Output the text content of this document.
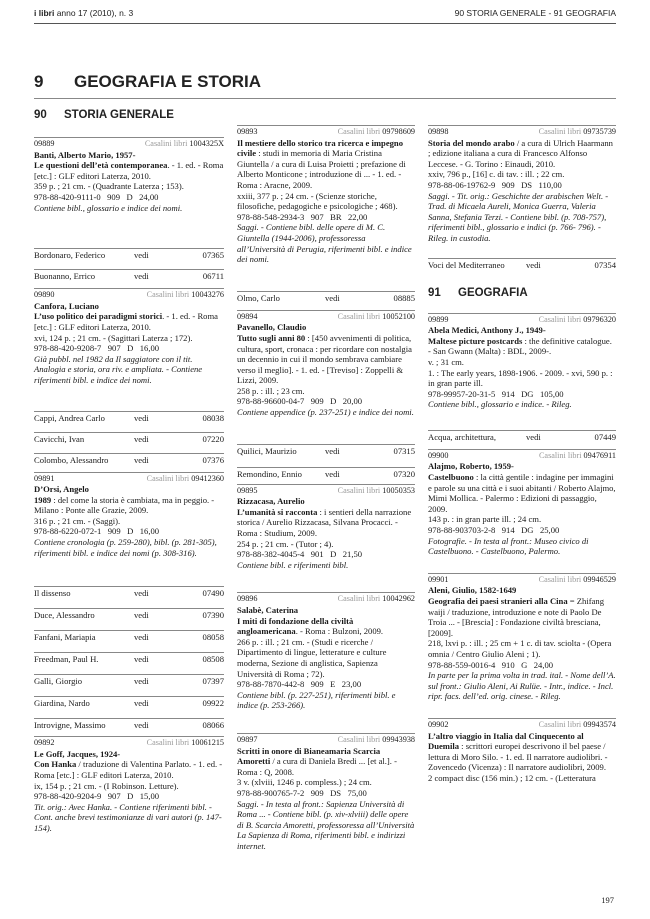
i libri anno 17 (2010), n. 3	90 STORIA GENERALE - 91 GEOGRAFIA
9 GEOGRAFIA E STORIA
90 STORIA GENERALE
09889	Casalini libri 1004325X
Banti, Alberto Mario, 1957-
Le questioni dell’età contemporanea. - 1. ed. - Roma [etc.] : GLF editori Laterza, 2010.
359 p. ; 21 cm. - (Quadrante Laterza ; 153).
978-88-420-9111-0   909   D   24,00
Contiene bibl., glossario e indice dei nomi.
Bordonaro, Federico	vedi	07365
Buonanno, Errico	vedi	06711
09890	Casalini libri 10043276
Canfora, Luciano
L’uso politico dei paradigmi storici. - 1. ed. - Roma [etc.] : GLF editori Laterza, 2010.
xvi, 124 p. ; 21 cm. - (Sagittari Laterza ; 172).
978-88-420-9208-7   907   D   16,00
Già pubbl. nel 1982 da Il saggiatore con il tit. Analogia e storia, ora riv. e ampliata. - Contiene riferimenti bibl. e indice dei nomi.
Cappi, Andrea Carlo	vedi	08038
Cavicchi, Ivan	vedi	07220
Colombo, Alessandro	vedi	07376
09891	Casalini libri 09412360
D’Orsi, Angelo
1989 : del come la storia è cambiata, ma in peggio. - Milano : Ponte alle Grazie, 2009.
316 p. ; 21 cm. - (Saggi).
978-88-6220-072-1   909   D   16,00
Contiene cronologia (p. 259-280), bibl. (p. 281-305), riferimenti bibl. e indice dei nomi (p. 308-316).
Il dissenso	vedi	07490
Duce, Alessandro	vedi	07390
Fanfani, Mariapia	vedi	08058
Freedman, Paul H.	vedi	08508
Galli, Giorgio	vedi	07397
Giardina, Nardo	vedi	09922
Introvigne, Massimo	vedi	08066
09892	Casalini libri 10061215
Le Goff, Jacques, 1924-
Con Hanka / traduzione di Valentina Parlato. - 1. ed. - Roma [etc.] : GLF editori Laterza, 2010.
ix, 154 p. ; 21 cm. - (I Robinson. Letture).
978-88-420-9204-9   907   D   15,00
Tit. orig.: Avec Hanka. - Contiene riferimenti bibl. - Cont. anche brevi testimonianze di vari autori (p. 147-154).
09893	Casalini libri 09798609
Il mestiere dello storico tra ricerca e impegno civile : studi in memoria di Maria Cristina Giuntella / a cura di Luisa Proietti ; prefazione di Alberto Monticone ; introduzione di ... - 1. ed. - Roma : Aracne, 2009.
xxiii, 377 p. ; 24 cm. - (Scienze storiche, filosofiche, pedagogiche e psicologiche ; 468).
978-88-548-2934-3   907   BR   22,00
Saggi. - Contiene bibl. delle opere di M. C. Giuntella (1944-2006), professoressa all’Università di Perugia, riferimenti bibl. e indice dei nomi.
Olmo, Carlo	vedi	08885
09894	Casalini libri 10052100
Pavanello, Claudio
Tutto sugli anni 80 : [450 avvenimenti di politica, cultura, sport, cronaca : per ricordare con nostalgia un decennio in cui il mondo sembrava cambiare verso il meglio]. - 1. ed. - [Treviso] : Zoppelli & Lizzi, 2009.
258 p. : ill. ; 23 cm.
978-88-96600-04-7   909   D   20,00
Contiene appendice (p. 237-251) e indice dei nomi.
Quilici, Maurizio	vedi	07315
Remondino, Ennio	vedi	07320
09895	Casalini libri 10050353
Rizzacasa, Aurelio
L’umanità si racconta : i sentieri della narrazione storica / Aurelio Rizzacasa, Silvana Procacci. - Roma : Studium, 2009.
254 p. ; 21 cm. - (Tutor ; 4).
978-88-382-4045-4   901   D   21,50
Contiene bibl. e riferimenti bibl.
09896	Casalini libri 10042962
Salabè, Caterina
I miti di fondazione della civiltà angloamericana. - Roma : Bulzoni, 2009.
266 p. : ill. ; 21 cm. - (Studi e ricerche / Dipartimento di lingue, letterature e culture moderna, Sezione di anglistica, Sapienza Università di Roma ; 72).
978-88-7870-442-8   909   E   23,00
Contiene bibl. (p. 227-251), riferimenti bibl. e indice (p. 253-266).
09897	Casalini libri 09943938
Scritti in onore di Bianeamaria Scarcia Amoretti / a cura di Daniela Bredi ... [et al.]. - Roma : Q, 2008.
3 v. (xlviii, 1246 p. compless.) ; 24 cm.
978-88-900765-7-2   909   DS   75,00
Saggi. - In testa al front.: Sapienza Università di Roma ... - Contiene bibl. (p. xiv-xlviii) delle opere di B. Scarcia Amoretti, professoressa all’Università La Sapienza di Roma, riferimenti bibl. e indirizzi internet.
09898	Casalini libri 09735739
Storia del mondo arabo / a cura di Ulrich Haarmann ; edizione italiana a cura di Francesco Alfonso Leccese. - G. Torino : Einaudi, 2010.
xxiv, 796 p., [16] c. di tav. : ill. ; 22 cm.
978-88-06-19762-9   909   DS   110,00
Saggi. - Tit. orig.: Geschichte der arabischen Welt. - Trad. di Micaela Aureli, Monica Guerra, Valeria Sanna, Stefania Terzi. - Contiene bibl. (p. 708-757), riferimenti bibl., glossario e indici (p. 766- 796). - Rileg. in custodia.
Voci del Mediterraneo	vedi	07354
91 GEOGRAFIA
09899	Casalini libri 09796320
Abela Medici, Anthony J., 1949-
Maltese picture postcards : the definitive catalogue. - San Gwann (Malta) : BDL, 2009-.
v. ; 31 cm.
1. : The early years, 1898-1906. - 2009. - xvi, 590 p. : in gran parte ill.
978-99957-20-31-5   914   DG   105,00
Contiene bibl., glossario e indice. - Rileg.
Acqua, architettura,	vedi	07449
09900	Casalini libri 09476911
Alajmo, Roberto, 1959-
Castelbuono : la città gentile : indagine per immagini e parole su una città e i suoi abitanti / Roberto Alajmo, Mimi Mollica. - Palermo : Edizioni di passaggio, 2009.
143 p. : in gran parte ill. ; 24 cm.
978-88-903703-2-8   914   DG   25,00
Fotografie. - In testa al front.: Museo civico di Castelbuono. - Castelbuono, Palermo.
09901	Casalini libri 09946529
Aleni, Giulio, 1582-1649
Geografia dei paesi stranieri alla Cina = Zhifang waiji / traduzione, introduzione e note di Paolo De Troia ... - [Brescia] : Fondazione civiltà bresciana, [2009].
218, lxvi p. : ill. ; 25 cm + 1 c. di tav. sciolta - (Opera omnia / Centro Giulio Aleni ; 1).
978-88-559-0016-4   910   G   24,00
In parte per la prima volta in trad. ital. - Nome dell’A. sul front.: Giulio Aleni, Ai Rulüe. - Intr., indice. - Incl. ripr. facs. dell’ed. orig. cinese. - Rileg.
09902	Casalini libri 09943574
L’altro viaggio in Italia dal Cinquecento al Duemila : scrittori europei descrivono il bel paese / lettura di Moro Silo. - 1. ed. Il narratore audiolibri. - Zovencedo (Vicenza) : Il narratore audiolibri, 2009.
2 compact disc (156 min.) ; 12 cm. - (Letteratura
197
